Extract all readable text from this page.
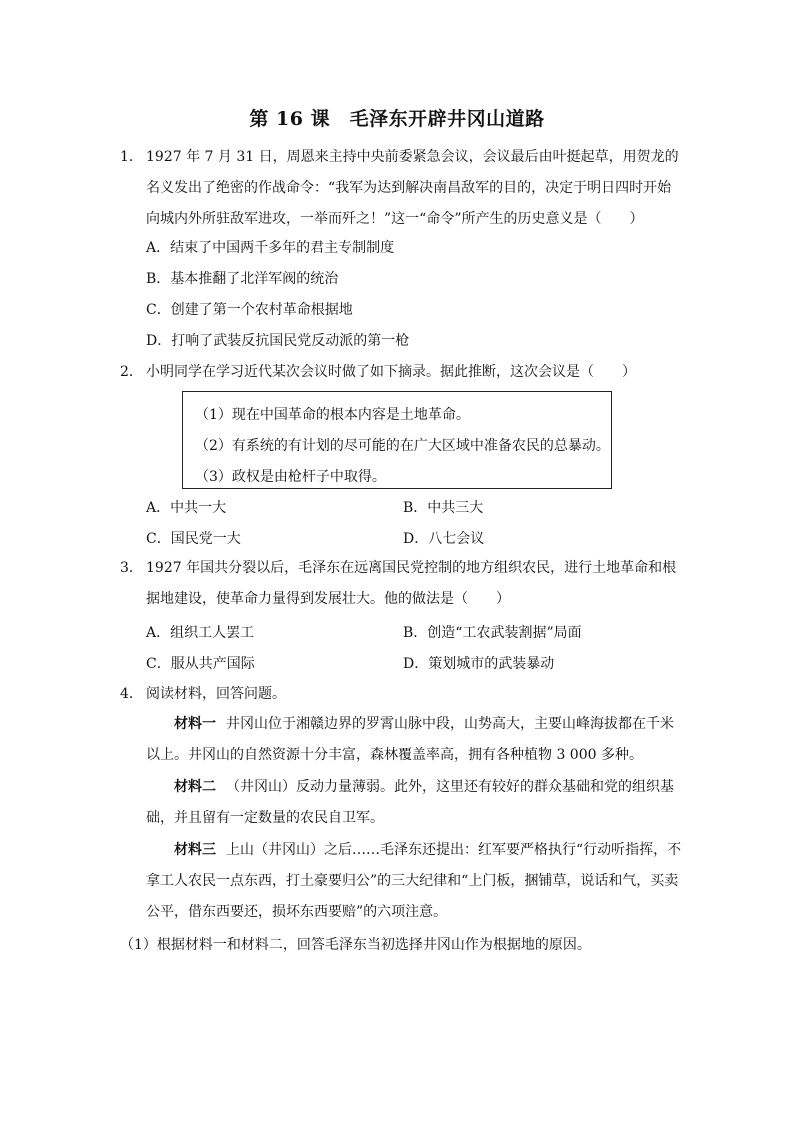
第 16 课　毛泽东开辟井冈山道路
1． 1927 年 7 月 31 日，周恩来主持中央前委紧急会议，会议最后由叶挺起草，用贺龙的名义发出了绝密的作战命令：“我军为达到解决南昌敌军的目的，决定于明日四时开始向城内外所驻敌军进攻，一举而歼之！”这一“命令”所产生的历史意义是（　　）
A．结束了中国两千多年的君主专制制度
B．基本推翻了北洋军阀的统治
C．创建了第一个农村革命根据地
D．打响了武装反抗国民党反动派的第一枪
2． 小明同学在学习近代某次会议时做了如下摘录。据此推断，这次会议是（　　）

（1）现在中国革命的根本内容是土地革命。

（2）有系统的有计划的尽可能的在广大区域中准备农民的总暴动。

（3）政权是由枪杆子中取得。

A．中共一大	B．中共三大
C．国民党一大	D．八七会议
3． 1927 年国共分裂以后，毛泽东在远离国民党控制的地方组织农民，进行土地革命和根据地建设，使革命力量得到发展壮大。他的做法是（　　）
A．组织工人罢工	B．创造“工农武装割据”局面
C．服从共产国际	D．策划城市的武装暴动
4． 阅读材料，回答问题。

材料一 井冈山位于湘赣边界的罗霄山脉中段，山势高大，主要山峰海拔都在千米以上。井冈山的自然资源十分丰富，森林覆盖率高，拥有各种植物 3 000 多种。

材料二 （井冈山）反动力量薄弱。此外，这里还有较好的群众基础和党的组织基础，并且留有一定数量的农民自卫军。

材料三 上山（井冈山）之后……毛泽东还提出：红军要严格执行“行动听指挥，不拿工人农民一点东西，打土豪要归公”的三大纪律和“上门板，捆铺草，说话和气，买卖公平，借东西要还，损坏东西要赔”的六项注意。

（1）根据材料一和材料二，回答毛泽东当初选择井冈山作为根据地的原因。
